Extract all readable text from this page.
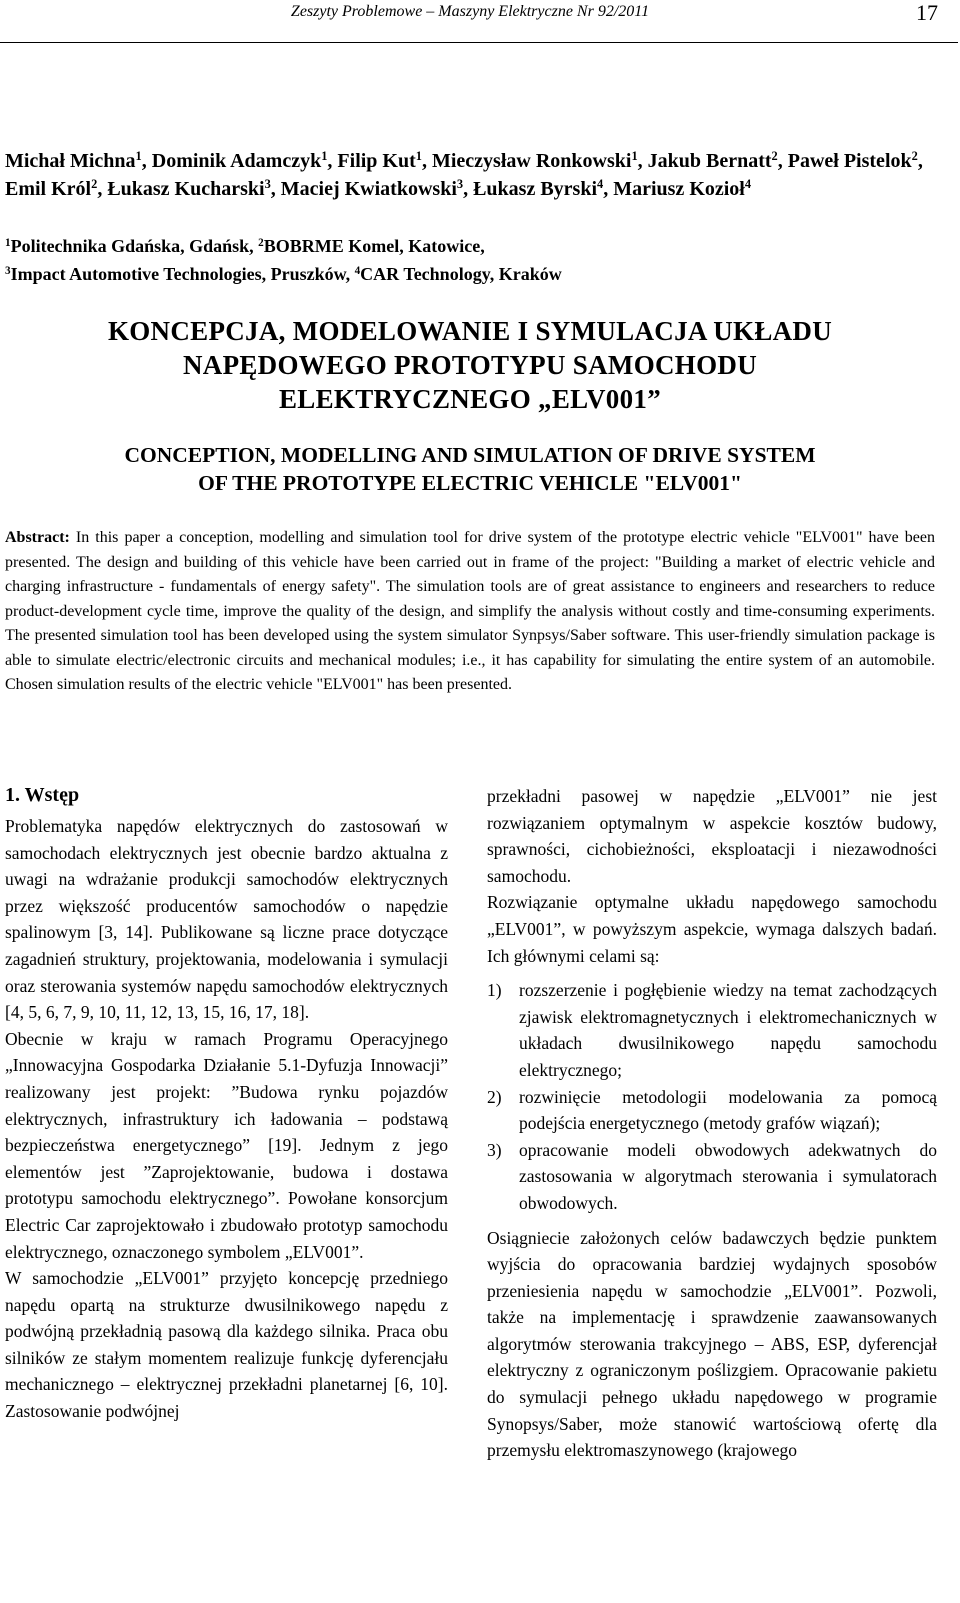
Zeszyty Problemowe – Maszyny Elektryczne Nr 92/2011	17

Michał Michna$^1$, Dominik Adamczyk$^1$, Filip Kut$^1$, Mieczysław Ronkowski$^1$, Jakub Bernatt$^2$, Paweł Pistelok$^2$, Emil Król$^2$, Łukasz Kucharski$^3$, Maciej Kwiatkowski$^3$, Łukasz Byrski$^4$, Mariusz Kozioł$^4$

$^1$Politechnika Gdańska, Gdańsk, $^2$BOBRME Komel, Katowice,
$^3$Impact Automotive Technologies, Pruszków, $^4$CAR Technology, Kraków

KONCEPCJA, MODELOWANIE I SYMULACJA UKŁADU
NAPĘDOWEGO PROTOTYPU SAMOCHODU
ELEKTRYCZNEGO „ELV001”
CONCEPTION, MODELLING AND SIMULATION OF DRIVE SYSTEM
OF THE PROTOTYPE ELECTRIC VEHICLE "ELV001"

Abstract: In this paper a conception, modelling and simulation tool for drive system of the prototype electric vehicle "ELV001" have been presented. The design and building of this vehicle have been carried out in frame of the project: "Building a market of electric vehicle and charging infrastructure - fundamentals of energy safety". The simulation tools are of great assistance to engineers and researchers to reduce product-development cycle time, improve the quality of the design, and simplify the analysis without costly and time-consuming experiments. The presented simulation tool has been developed using the system simulator Synpsys/Saber software. This user-friendly simulation package is able to simulate electric/electronic circuits and mechanical modules; i.e., it has capability for simulating the entire system of an automobile. Chosen simulation results of the electric vehicle "ELV001" has been presented.

1. Wstęp

Problematyka napędów elektrycznych do zastosowań w samochodach elektrycznych jest obecnie bardzo aktualna z uwagi na wdrażanie produkcji samochodów elektrycznych przez większość producentów samochodów o napędzie spalinowym [3, 14]. Publikowane są liczne prace dotyczące zagadnień struktury, projektowania, modelowania i symulacji oraz sterowania systemów napędu samochodów elektrycznych [4, 5, 6, 7, 9, 10, 11, 12, 13, 15, 16, 17, 18].

Obecnie w kraju w ramach Programu Operacyjnego „Innowacyjna Gospodarka Działanie 5.1-Dyfuzja Innowacji” realizowany jest projekt: ”Budowa rynku pojazdów elektrycznych, infrastruktury ich ładowania – podstawą bezpieczeństwa energetycznego” [19]. Jednym z jego elementów jest ”Zaprojektowanie, budowa i dostawa prototypu samochodu elektrycznego”. Powołane konsorcjum Electric Car zaprojektowało i zbudowało prototyp samochodu elektrycznego, oznaczonego symbolem „ELV001”.

W samochodzie „ELV001” przyjęto koncepcję przedniego napędu opartą na strukturze dwusilnikowego napędu z podwójną przekładnią pasową dla każdego silnika. Praca obu silników ze stałym momentem realizuje funkcję dyferencjału mechanicznego – elektrycznej przekładni planetarnej [6, 10]. Zastosowanie podwójnej

przekładni pasowej w napędzie „ELV001” nie jest rozwiązaniem optymalnym w aspekcie kosztów budowy, sprawności, cichobieżności, eksploatacji i niezawodności samochodu.

Rozwiązanie optymalne układu napędowego samochodu „ELV001”, w powyższym aspekcie, wymaga dalszych badań. Ich głównymi celami są:

1) rozszerzenie i pogłębienie wiedzy na temat zachodzących zjawisk elektromagnetycznych i elektromechanicznych w układach dwusilnikowego napędu samochodu elektrycznego;
2) rozwinięcie metodologii modelowania za pomocą podejścia energetycznego (metody grafów wiązań);
3) opracowanie modeli obwodowych adekwatnych do zastosowania w algorytmach sterowania i symulatorach obwodowych.

Osiągniecie założonych celów badawczych będzie punktem wyjścia do opracowania bardziej wydajnych sposobów przeniesienia napędu w samochodzie „ELV001”. Pozwoli, także na implementację i sprawdzenie zaawansowanych algorytmów sterowania trakcyjnego – ABS, ESP, dyferencjał elektryczny z ograniczonym poślizgiem. Opracowanie pakietu do symulacji pełnego układu napędowego w programie Synopsys/Saber, może stanowić wartościową ofertę dla przemysłu elektromaszynowego (krajowego
